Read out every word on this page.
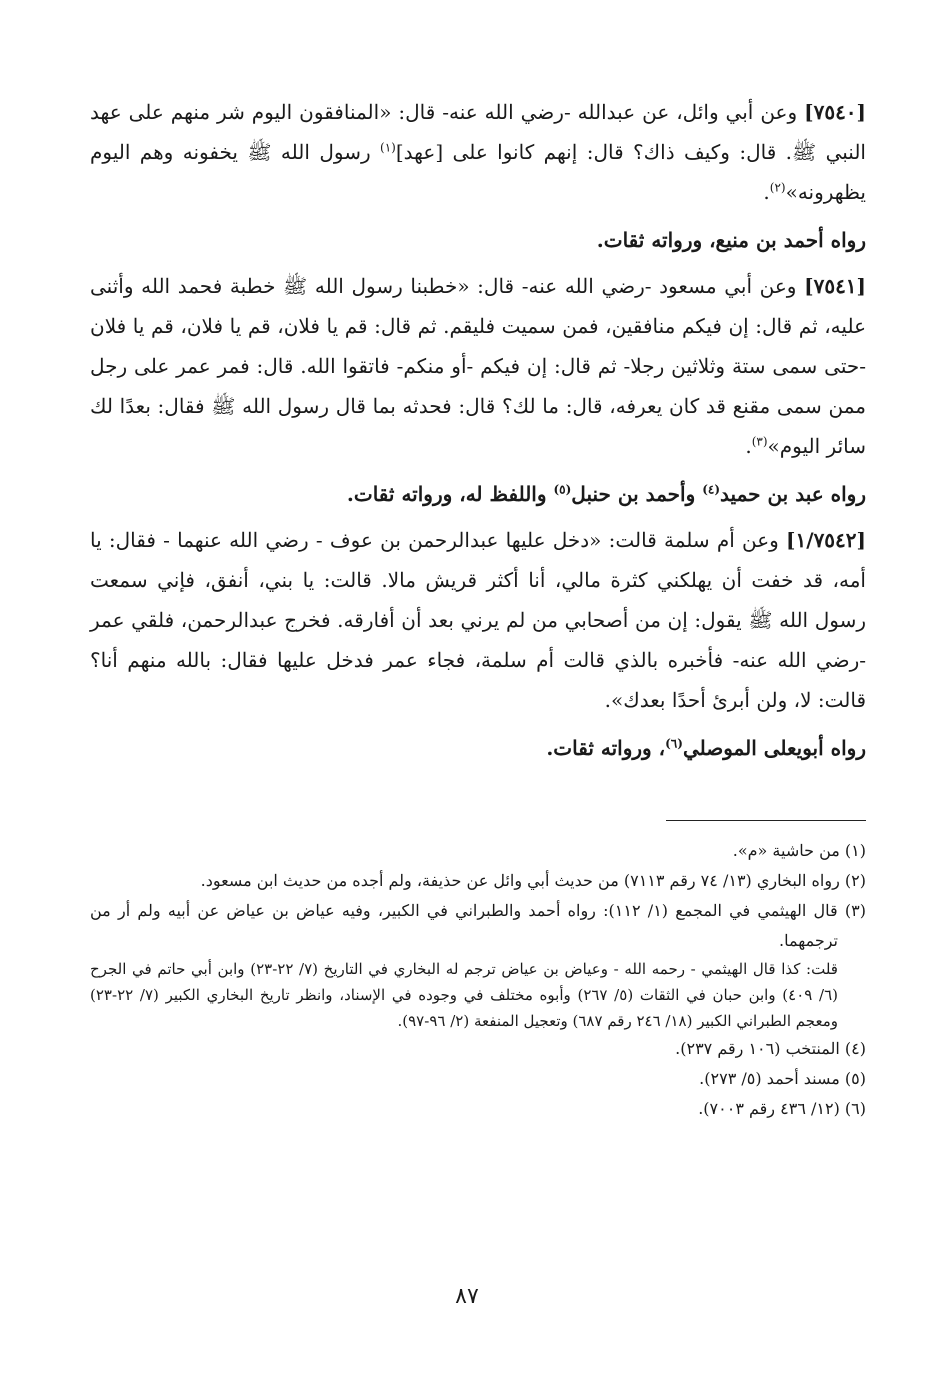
[٧٥٤٠] وعن أبي وائل، عن عبدالله -رضي الله عنه- قال: «المنافقون اليوم شر منهم على عهد النبي ﷺ. قال: وكيف ذاك؟ قال: إنهم كانوا على [عهد]$^{(١)}$ رسول الله ﷺ يخفونه وهم اليوم يظهرونه»$^{(٢)}$.

رواه أحمد بن منيع، ورواته ثقات.

[٧٥٤١] وعن أبي مسعود -رضي الله عنه- قال: «خطبنا رسول الله ﷺ خطبة فحمد الله وأثنى عليه، ثم قال: إن فيكم منافقين، فمن سميت فليقم. ثم قال: قم يا فلان، قم يا فلان، قم يا فلان -حتى سمى ستة وثلاثين رجلا- ثم قال: إن فيكم -أو منكم- فاتقوا الله. قال: فمر عمر على رجل ممن سمى مقنع قد كان يعرفه، قال: ما لك؟ قال: فحدثه بما قال رسول الله ﷺ فقال: بعدًا لك سائر اليوم»$^{(٣)}$.

رواه عبد بن حميد$^{(٤)}$ وأحمد بن حنبل$^{(٥)}$ واللفظ له، ورواته ثقات.

[١/٧٥٤٢] وعن أم سلمة قالت: «دخل عليها عبدالرحمن بن عوف - رضي الله عنهما - فقال: يا أمه، قد خفت أن يهلكني كثرة مالي، أنا أكثر قريش مالا. قالت: يا بني، أنفق، فإني سمعت رسول الله ﷺ يقول: إن من أصحابي من لم يرني بعد أن أفارقه. فخرج عبدالرحمن، فلقي عمر -رضي الله عنه- فأخبره بالذي قالت أم سلمة، فجاء عمر فدخل عليها فقال: بالله منهم أنا؟ قالت: لا، ولن أبرئ أحدًا بعدك».

رواه أبويعلى الموصلي$^{(٦)}$، ورواته ثقات.

(١) من حاشية «م».

(٢) رواه البخاري (١٣/ ٧٤ رقم ٧١١٣) من حديث أبي وائل عن حذيفة، ولم أجده من حديث ابن مسعود.

(٣) قال الهيثمي في المجمع (١/ ١١٢): رواه أحمد والطبراني في الكبير، وفيه عياض بن عياض عن أبيه ولم أر من ترجمهما.

قلت: كذا قال الهيثمي - رحمه الله - وعياض بن عياض ترجم له البخاري في التاريخ (٧/ ٢٢-٢٣) وابن أبي حاتم في الجرح (٦/ ٤٠٩) وابن حبان في الثقات (٥/ ٢٦٧) وأبوه مختلف في وجوده في الإسناد، وانظر تاريخ البخاري الكبير (٧/ ٢٢-٢٣) ومعجم الطبراني الكبير (١٨/ ٢٤٦ رقم ٦٨٧) وتعجيل المنفعة (٢/ ٩٦-٩٧).

(٤) المنتخب (١٠٦ رقم ٢٣٧).

(٥) مسند أحمد (٥/ ٢٧٣).

(٦) (١٢/ ٤٣٦ رقم ٧٠٠٣).

٨٧
